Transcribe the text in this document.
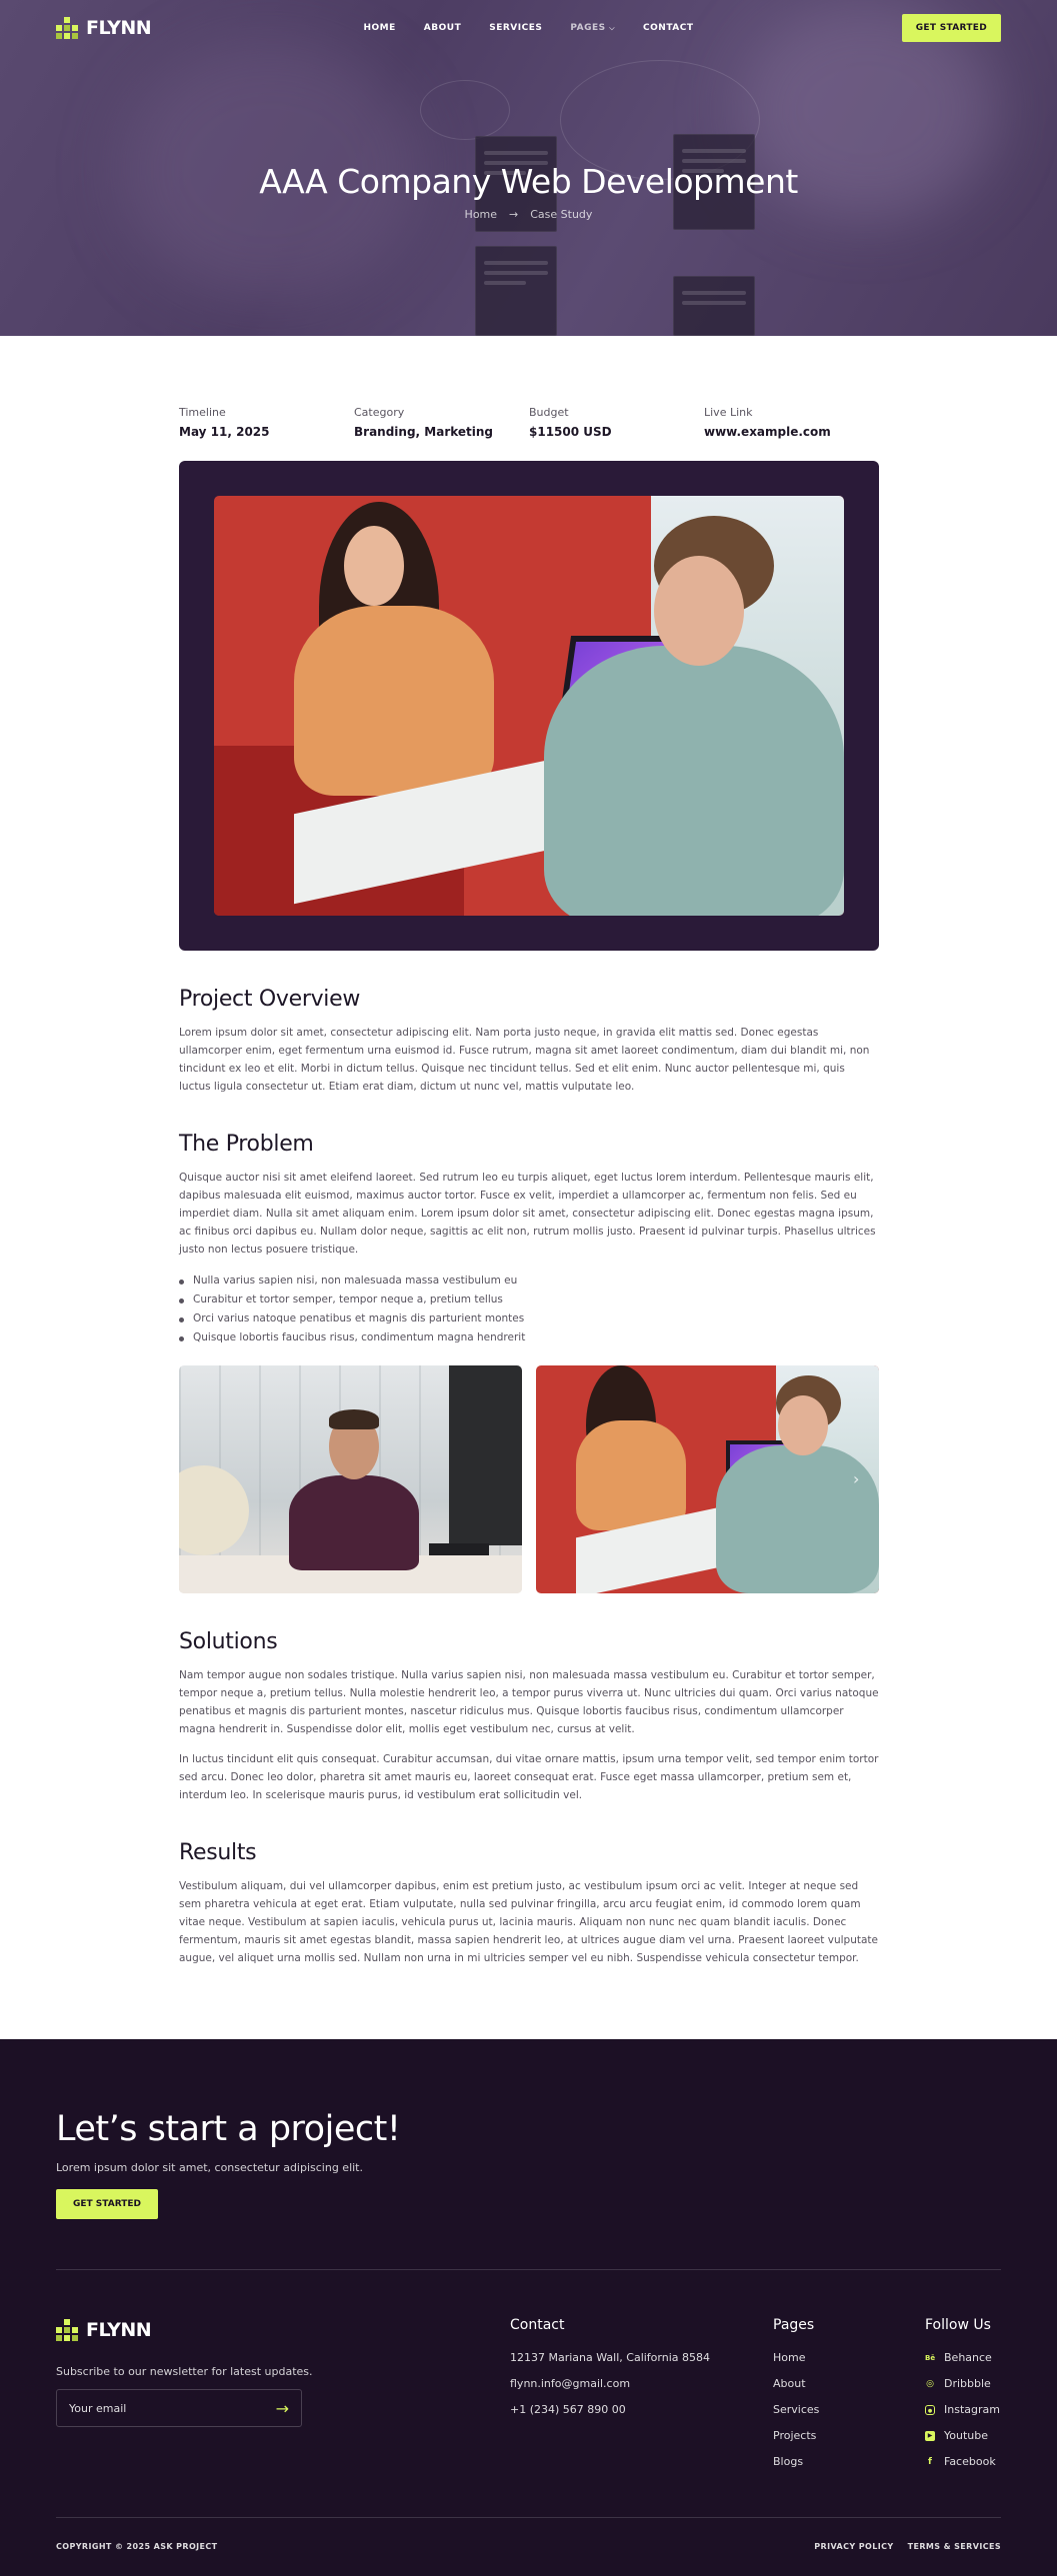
FLYNN	HOME	ABOUT	SERVICES	PAGES ⌵	CONTACT	GET STARTED
AAA Company Web Development
Home → Case Study
Timeline
May 11, 2025
Category
Branding, Marketing
Budget
$11500 USD
Live Link
www.example.com
Project Overview

Lorem ipsum dolor sit amet, consectetur adipiscing elit. Nam porta justo neque, in gravida elit mattis sed. Donec egestas ullamcorper enim, eget fermentum urna euismod id. Fusce rutrum, magna sit amet laoreet condimentum, diam dui blandit mi, non tincidunt ex leo et elit. Morbi in dictum tellus. Quisque nec tincidunt tellus. Sed et elit enim. Nunc auctor pellentesque mi, quis luctus ligula consectetur ut. Etiam erat diam, dictum ut nunc vel, mattis vulputate leo.

The Problem

Quisque auctor nisi sit amet eleifend laoreet. Sed rutrum leo eu turpis aliquet, eget luctus lorem interdum. Pellentesque mauris elit, dapibus malesuada elit euismod, maximus auctor tortor. Fusce ex velit, imperdiet a ullamcorper ac, fermentum non felis. Sed eu imperdiet diam. Nulla sit amet aliquam enim. Lorem ipsum dolor sit amet, consectetur adipiscing elit. Donec egestas magna ipsum, ac finibus orci dapibus eu. Nullam dolor neque, sagittis ac elit non, rutrum mollis justo. Praesent id pulvinar turpis. Phasellus ultrices justo non lectus posuere tristique.

Nulla varius sapien nisi, non malesuada massa vestibulum eu
Curabitur et tortor semper, tempor neque a, pretium tellus
Orci varius natoque penatibus et magnis dis parturient montes
Quisque lobortis faucibus risus, condimentum magna hendrerit
›
Solutions

Nam tempor augue non sodales tristique. Nulla varius sapien nisi, non malesuada massa vestibulum eu. Curabitur et tortor semper, tempor neque a, pretium tellus. Nulla molestie hendrerit leo, a tempor purus viverra ut. Nunc ultricies dui quam. Orci varius natoque penatibus et magnis dis parturient montes, nascetur ridiculus mus. Quisque lobortis faucibus risus, condimentum ullamcorper magna hendrerit in. Suspendisse dolor elit, mollis eget vestibulum nec, cursus at velit.

In luctus tincidunt elit quis consequat. Curabitur accumsan, dui vitae ornare mattis, ipsum urna tempor velit, sed tempor enim tortor sed arcu. Donec leo dolor, pharetra sit amet mauris eu, laoreet consequat erat. Fusce eget massa ullamcorper, pretium sem et, interdum leo. In scelerisque mauris purus, id vestibulum erat sollicitudin vel.

Results

Vestibulum aliquam, dui vel ullamcorper dapibus, enim est pretium justo, ac vestibulum ipsum orci ac velit. Integer at neque sed sem pharetra vehicula at eget erat. Etiam vulputate, nulla sed pulvinar fringilla, arcu arcu feugiat enim, id commodo lorem quam vitae neque. Vestibulum at sapien iaculis, vehicula purus ut, lacinia mauris. Aliquam non nunc nec quam blandit iaculis. Donec fermentum, mauris sit amet egestas blandit, massa sapien hendrerit leo, at ultrices augue diam vel urna. Praesent laoreet vulputate augue, vel aliquet urna mollis sed. Nullam non urna in mi ultricies semper vel eu nibh. Suspendisse vehicula consectetur tempor.

Let’s start a project!

Lorem ipsum dolor sit amet, consectetur adipiscing elit.

GET STARTED
FLYNN

Subscribe to our newsletter for latest updates.

Your email
→
Contact
12137 Mariana Wall, California 8584
flynn.info@gmail.com
+1 (234) 567 890 00
Pages
Home
About
Services
Projects
Blogs
Follow Us
Bē Behance
◎ Dribbble
● Instagram
▶ Youtube
f Facebook
COPYRIGHT © 2025 ASK PROJECT	PRIVACY POLICY TERMS & SERVICES
